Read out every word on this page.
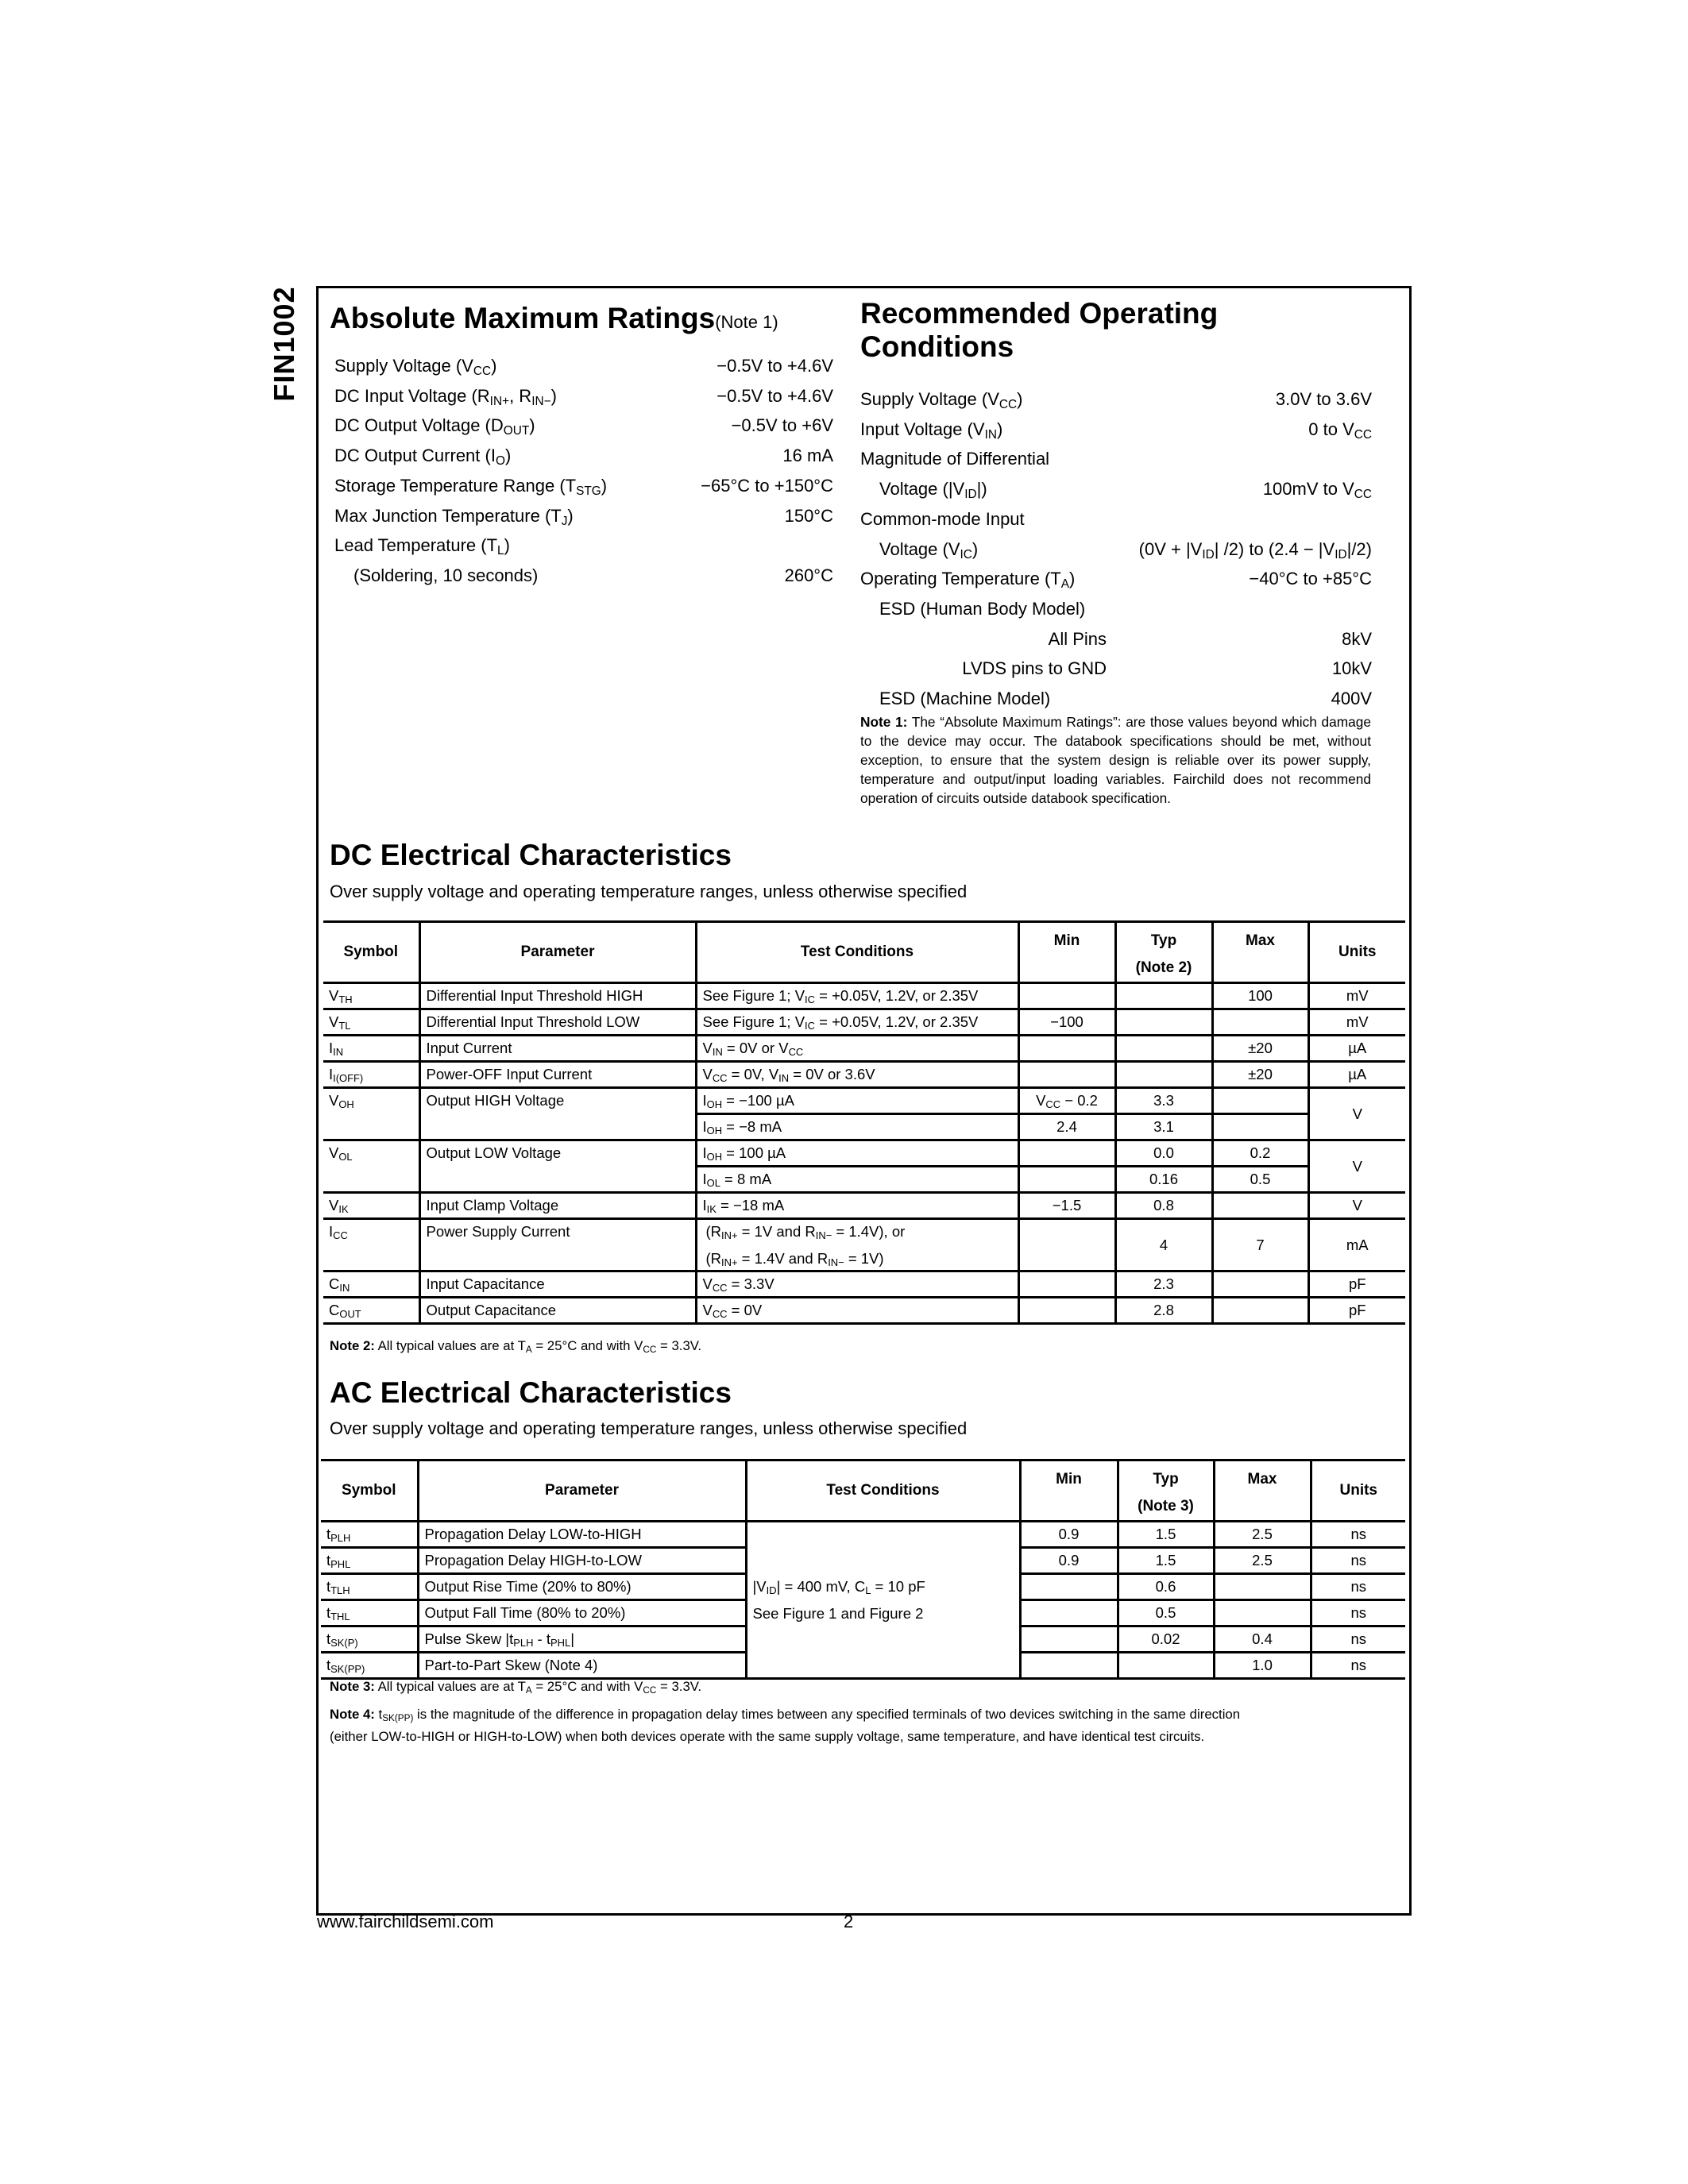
FIN1002 Absolute Maximum Ratings(Note 1)
Supply Voltage $(V_{CC})$	−0.5V to +4.6V
DC Input Voltage ($R_{IN+}$, $R_{IN-}$)	−0.5V to +4.6V
DC Output Voltage $(D_{OUT})$	−0.5V to +6V
DC Output Current $(I_O)$	16 mA
Storage Temperature Range $(T_{STG})$	−65°C to +150°C
Max Junction Temperature $(T_J)$	150°C
Lead Temperature $(T_L)$
(Soldering, 10 seconds)	260°C
Recommended Operating
Conditions
Supply Voltage $(V_{CC})$	3.0V to 3.6V
Input Voltage $(V_{IN})$	0 to $V_{CC}$
Magnitude of Differential
Voltage $(|V_{ID}|)$	100mV to $V_{CC}$
Common-mode Input
Voltage $(V_{IC})$	($0V + |V_{ID}|$ /2) to $(2.4 - |V_{ID}|/2)$
Operating Temperature $(T_A)$	−40°C to +85°C
ESD (Human Body Model)
All Pins	8kV
LVDS pins to GND	10kV
ESD (Machine Model)	400V
Note 1: The “Absolute Maximum Ratings”: are those values beyond which damage to the device may occur. The databook specifications should be met, without exception, to ensure that the system design is reliable over its power supply, temperature and output/input loading variables. Fairchild does not recommend operation of circuits outside databook specification.
DC Electrical Characteristics
Over supply voltage and operating temperature ranges, unless otherwise specified
Symbol	Parameter	Test Conditions	Min	Typ
(Note 2)	Max	Units
$V_{TH}$	Differential Input Threshold HIGH	See Figure 1; $V_{IC} = +0.05V$, 1.2V, or 2.35V			100	mV
$V_{TL}$	Differential Input Threshold LOW	See Figure 1; $V_{IC} = +0.05V$, 1.2V, or 2.35V	−100			mV
$I_{IN}$	Input Current	$V_{IN} = 0V$ or $V_{CC}$			±20	µA
$I_{I(OFF)}$	Power-OFF Input Current	$V_{CC} = 0V$, $V_{IN} = 0V$ or 3.6V			±20	µA
$V_{OH}$	Output HIGH Voltage	$I_{OH} = -100$ µA	$V_{CC} - 0.2$	3.3		V
		$I_{OH} = -8$ mA	2.4	3.1		
$V_{OL}$	Output LOW Voltage	$I_{OH} = 100$ µA		0.0	0.2	V
		$I_{OL} = 8$ mA		0.16	0.5	
$V_{IK}$	Input Clamp Voltage	$I_{IK} = -18$ mA	−1.5	0.8		V
$I_{CC}$	Power Supply Current	($R_{IN+} = 1V$ and $R_{IN-} = 1.4V$), or
($R_{IN+} = 1.4V$ and $R_{IN-} = 1V$)		4	7	mA
$C_{IN}$	Input Capacitance	$V_{CC} = 3.3V$		2.3		pF
$C_{OUT}$	Output Capacitance	$V_{CC} = 0V$		2.8		pF
Note 2: All typical values are at $T_A = 25^\circ C$ and with $V_{CC} = 3.3V$.
AC Electrical Characteristics
Over supply voltage and operating temperature ranges, unless otherwise specified
Symbol	Parameter	Test Conditions	Min	Typ
(Note 3)	Max	Units
$t_{PLH}$	Propagation Delay LOW-to-HIGH	$|V_{ID}| = 400$ mV, $C_L = 10$ pF
See Figure 1 and Figure 2	0.9	1.5	2.5	ns
$t_{PHL}$	Propagation Delay HIGH-to-LOW		0.9	1.5	2.5	ns
$t_{TLH}$	Output Rise Time (20% to 80%)			0.6		ns
$t_{THL}$	Output Fall Time (80% to 20%)			0.5		ns
$t_{SK(P)}$	Pulse Skew $|t_{PLH} - t_{PHL}|$			0.02	0.4	ns
$t_{SK(PP)}$	Part-to-Part Skew (Note 4)				1.0	ns
Note 3: All typical values are at $T_A = 25^\circ C$ and with $V_{CC} = 3.3V$.
Note 4: $t_{SK(PP)}$ is the magnitude of the difference in propagation delay times between any specified terminals of two devices switching in the same direction
(either LOW-to-HIGH or HIGH-to-LOW) when both devices operate with the same supply voltage, same temperature, and have identical test circuits.
www.fairchildsemi.com	2
